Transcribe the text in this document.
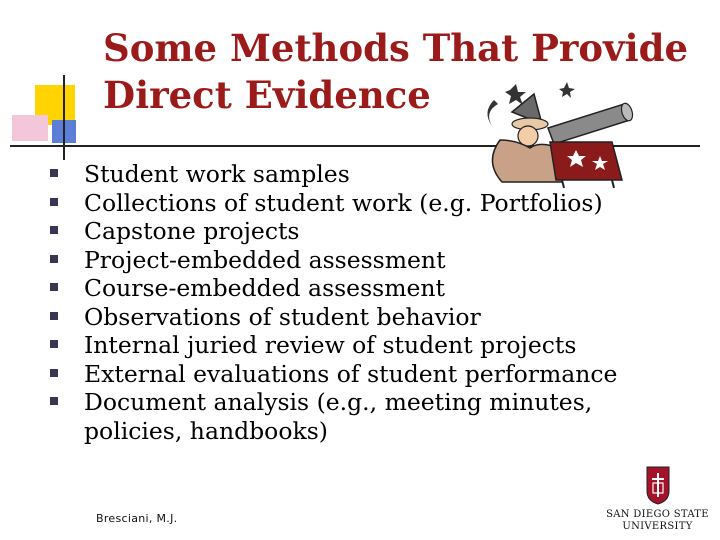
Some Methods That Provide
Direct Evidence
Student work samples
Collections of student work (e.g. Portfolios)
Capstone projects
Project-embedded assessment
Course-embedded assessment
Observations of student behavior
Internal juried review of student projects
External evaluations of student performance
Document analysis (e.g., meeting minutes, policies, handbooks)
Bresciani, M.J.	SAN DIEGO STATE
UNIVERSITY
